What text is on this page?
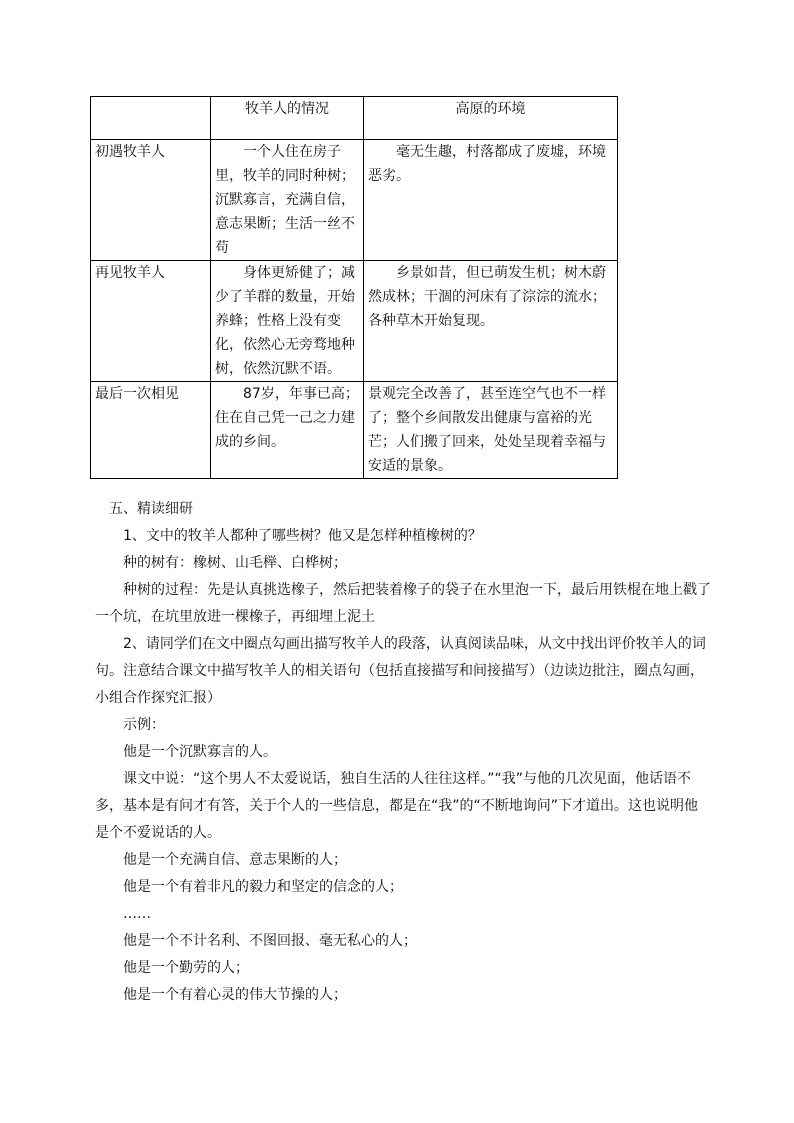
	牧羊人的情况	高原的环境
初遇牧羊人	一个人住在房子里，牧羊的同时种树；沉默寡言，充满自信，意志果断；生活一丝不苟	毫无生趣，村落都成了废墟，环境恶劣。
再见牧羊人	身体更矫健了；减少了羊群的数量，开始养蜂；性格上没有变化，依然心无旁骛地种树，依然沉默不语。	乡景如昔，但已萌发生机；树木蔚然成林；干涸的河床有了淙淙的流水；各种草木开始复现。
最后一次相见	87岁，年事已高；住在自己凭一己之力建成的乡间。	景观完全改善了，甚至连空气也不一样了；整个乡间散发出健康与富裕的光芒；人们搬了回来，处处呈现着幸福与安适的景象。

五、精读细研

1、文中的牧羊人都种了哪些树？他又是怎样种植橡树的？

种的树有：橡树、山毛榉、白桦树；

种树的过程：先是认真挑选橡子，然后把装着橡子的袋子在水里泡一下，最后用铁棍在地上戳了一个坑，在坑里放进一棵橡子，再细埋上泥土

2、请同学们在文中圈点勾画出描写牧羊人的段落，认真阅读品味，从文中找出评价牧羊人的词句。注意结合课文中描写牧羊人的相关语句（包括直接描写和间接描写）（边读边批注，圈点勾画，小组合作探究汇报）

示例：

他是一个沉默寡言的人。

课文中说：“这个男人不太爱说话，独自生活的人往往这样。”“我”与他的几次见面，他话语不多，基本是有问才有答，关于个人的一些信息，都是在“我”的“不断地询问”下才道出。这也说明他是个不爱说话的人。

他是一个充满自信、意志果断的人；

他是一个有着非凡的毅力和坚定的信念的人；

……

他是一个不计名利、不图回报、毫无私心的人；

他是一个勤劳的人；

他是一个有着心灵的伟大节操的人；
